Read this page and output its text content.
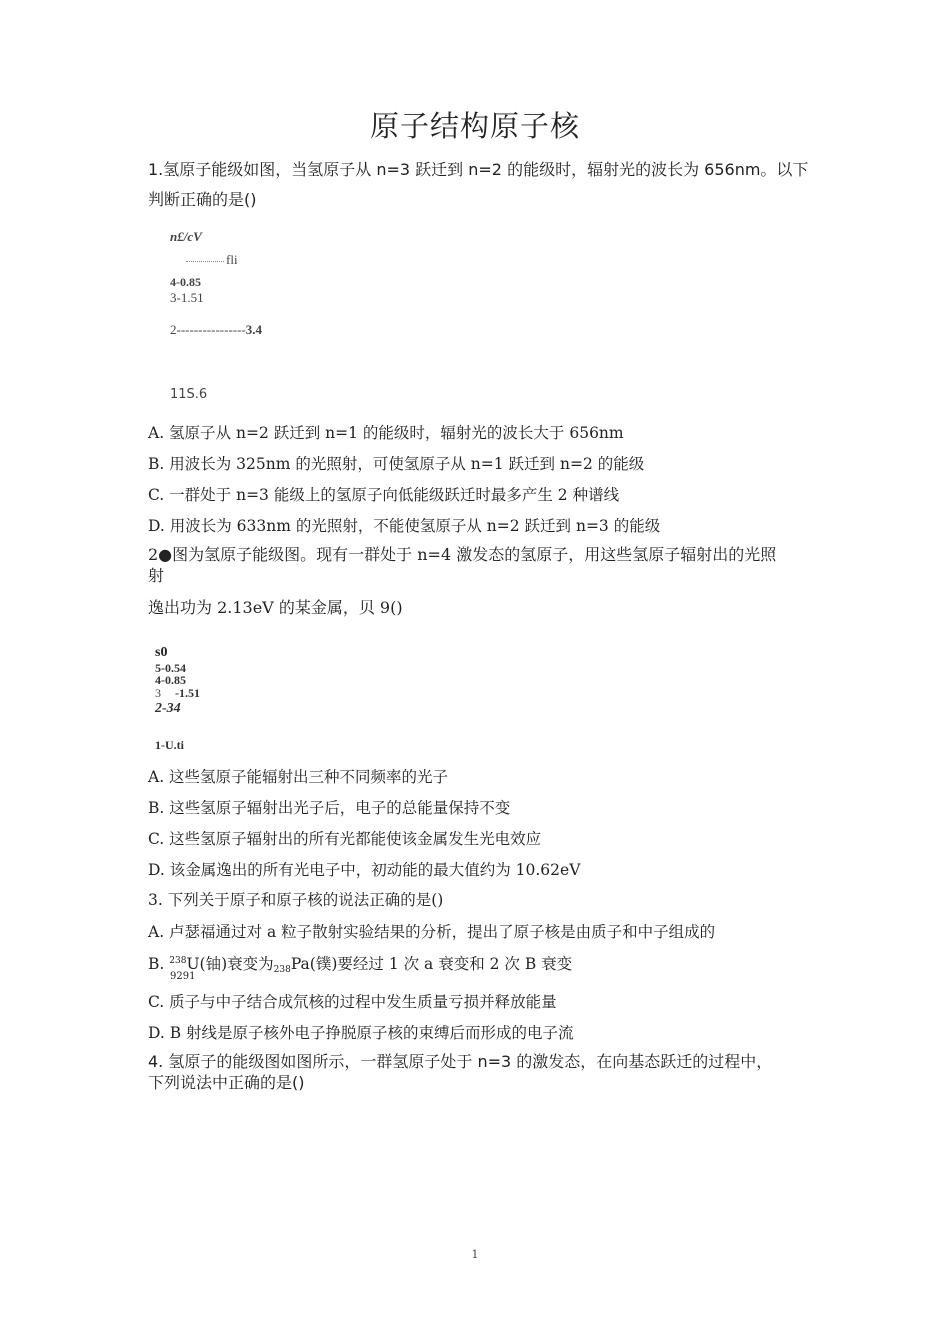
原子结构原子核
1.氢原子能级如图，当氢原子从 n=3 跃迁到 n=2 的能级时，辐射光的波长为 656nm。以下
判断正确的是()
n£/cV
fli
4-0.85
3-1.51
2----------------3.4
11S.6
A. 氢原子从 n=2 跃迁到 n=1 的能级时，辐射光的波长大于 656nm
B. 用波长为 325nm 的光照射，可使氢原子从 n=1 跃迁到 n=2 的能级
C. 一群处于 n=3 能级上的氢原子向低能级跃迁时最多产生 2 种谱线
D. 用波长为 633nm 的光照射，不能使氢原子从 n=2 跃迁到 n=3 的能级
2●图为氢原子能级图。现有一群处于 n=4 激发态的氢原子，用这些氢原子辐射出的光照
射
逸出功为 2.13eV 的某金属，贝 9()
s0
5-0.54
4-0.85
3 -1.51
2-34
1-U.ti
A. 这些氢原子能辐射出三种不同频率的光子
B. 这些氢原子辐射出光子后，电子的总能量保持不变
C. 这些氢原子辐射出的所有光都能使该金属发生光电效应
D. 该金属逸出的所有光电子中，初动能的最大值约为 10.62eV
3. 下列关于原子和原子核的说法正确的是()
A. 卢瑟福通过对 a 粒子散射实验结果的分析，提出了原子核是由质子和中子组成的
B. $^{238}$U(铀)衰变为$_{238}$Pa(镤)要经过 1 次 a 衰变和 2 次 B 衰变
9291
C. 质子与中子结合成氘核的过程中发生质量亏损并释放能量
D. B 射线是原子核外电子挣脱原子核的束缚后而形成的电子流
4. 氢原子的能级图如图所示，一群氢原子处于 n=3 的激发态，在向基态跃迁的过程中，
下列说法中正确的是()
1
